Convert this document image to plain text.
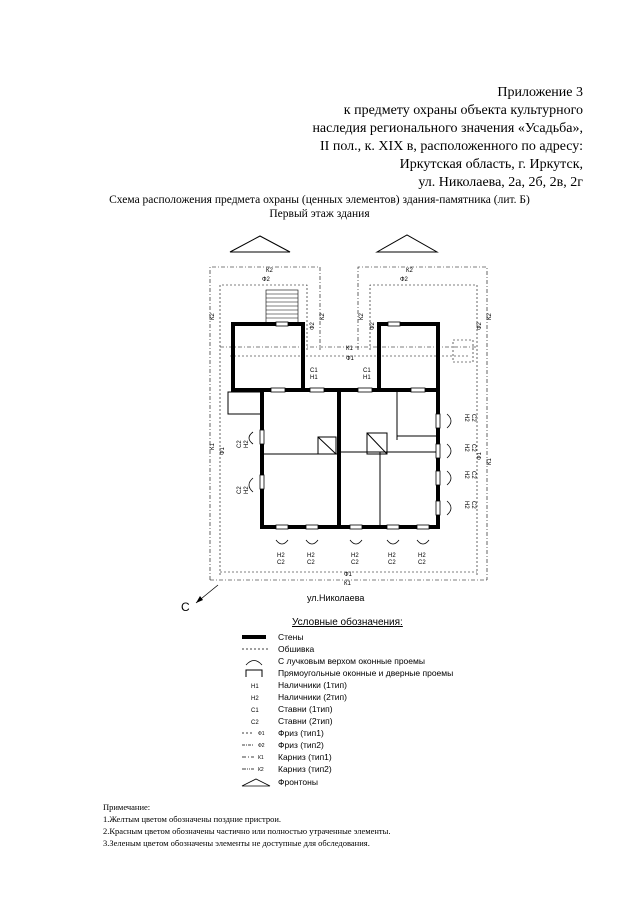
Приложение 3
к предмету охраны объекта культурного
наследия регионального значения «Усадьба»,
II пол., к. XIX в, расположенного по адресу:
Иркутская область, г. Иркутск,
ул. Николаева, 2а, 2б, 2в, 2г
Схема расположения предмета охраны (ценных элементов) здания-памятника (лит. Б)
Первый этаж здания
К2
Ф2
К2
Ф2
К1
Ф1
Ф1
К1
С1
Н1
С1
Н1
Н2
С2
Н2
С2
Н2
С2
Н2
С2
Н2
С2
К2
К1
Ф1
Ф2
К2	К2
Ф2	Ф2
К2
Ф1
К1
С2 Н2
С2 Н2
Н2 С2
Н2 С2
Н2 С2
Н2 С2
С
ул.Николаева
Условные обозначения:
Стены
Обшивка
С лучковым верхом оконные проемы
Прямоугольные оконные и дверные проемы
Н1 Наличники (1тип)
Н2 Наличники (2тип)
С1 Ставни (1тип)
С2 Ставни (2тип)
Ф1 Фриз (тип1)
Ф2 Фриз (тип2)
К1 Карниз (тип1)
К2 Карниз (тип2)
Фронтоны
Примечание:
1.Желтым цветом обозначены поздние пристрои.
2.Красным цветом обозначены частично или полностью утраченные элементы.
3.Зеленым цветом обозначены элементы не доступные для обследования.
